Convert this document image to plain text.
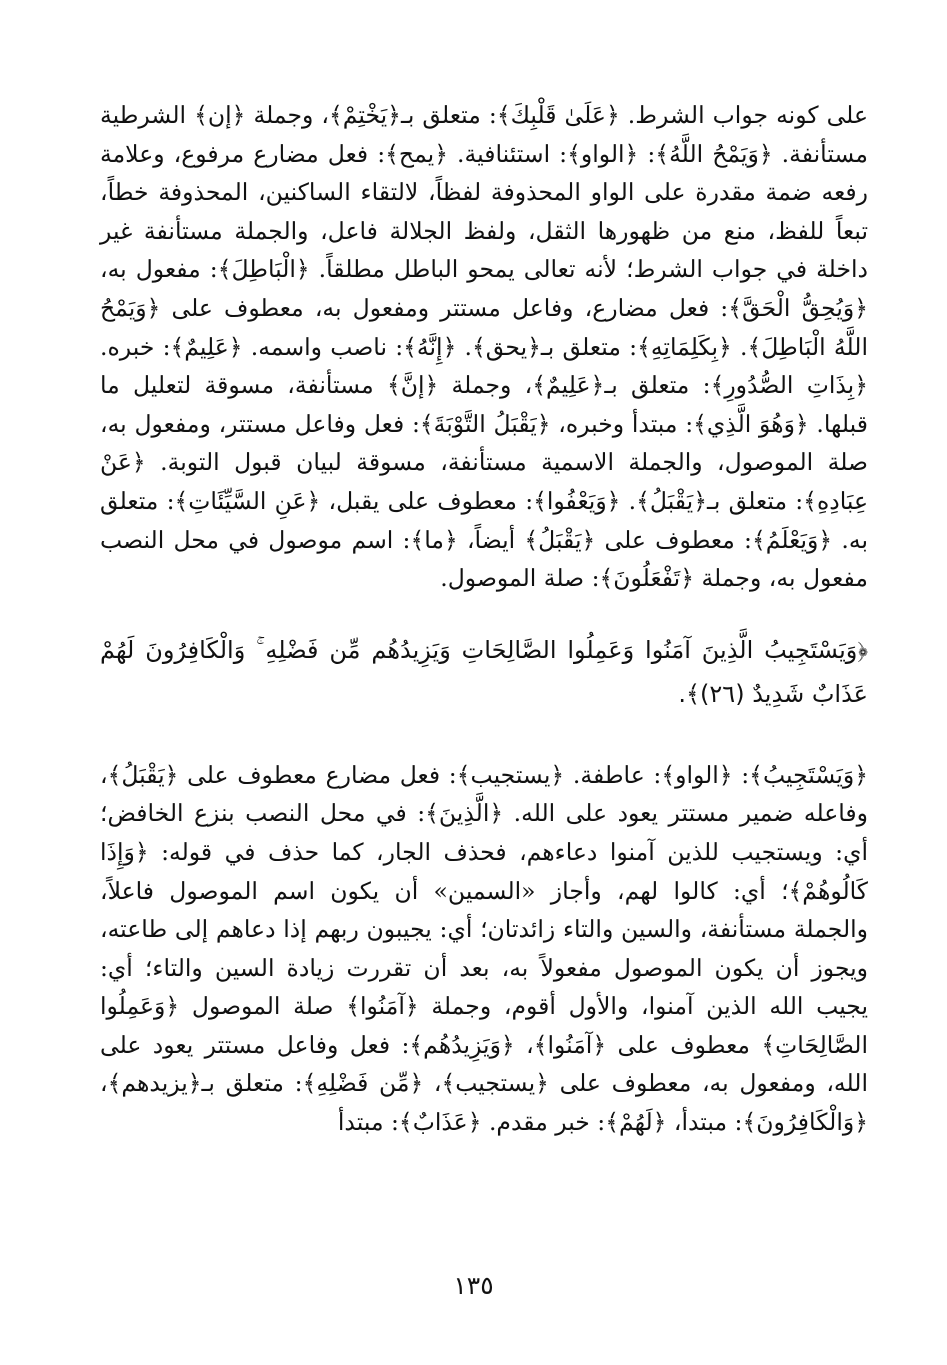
على كونه جواب الشرط. ﴿عَلَىٰ قَلْبِكَ﴾: متعلق بـ﴿يَخْتِمْ﴾، وجملة ﴿إن﴾ الشرطية مستأنفة. ﴿وَيَمْحُ اللَّهُ﴾: ﴿الواو﴾: استئنافية. ﴿يمح﴾: فعل مضارع مرفوع، وعلامة رفعه ضمة مقدرة على الواو المحذوفة لفظاً، لالتقاء الساكنين، المحذوفة خطاً، تبعاً للفظ، منع من ظهورها الثقل، ولفظ الجلالة فاعل، والجملة مستأنفة غير داخلة في جواب الشرط؛ لأنه تعالى يمحو الباطل مطلقاً. ﴿الْبَاطِلَ﴾: مفعول به، ﴿وَيُحِقُّ الْحَقَّ﴾: فعل مضارع، وفاعل مستتر ومفعول به، معطوف على ﴿وَيَمْحُ اللَّهُ الْبَاطِلَ﴾. ﴿بِكَلِمَاتِهِ﴾: متعلق بـ﴿يحق﴾. ﴿إِنَّهُ﴾: ناصب واسمه. ﴿عَلِيمٌ﴾: خبره. ﴿بِذَاتِ الصُّدُورِ﴾: متعلق بـ﴿عَلِيمٌ﴾، وجملة ﴿إنَّ﴾ مستأنفة، مسوقة لتعليل ما قبلها. ﴿وَهُوَ الَّذِي﴾: مبتدأ وخبره، ﴿يَقْبَلُ التَّوْبَةَ﴾: فعل وفاعل مستتر، ومفعول به، صلة الموصول، والجملة الاسمية مستأنفة، مسوقة لبيان قبول التوبة. ﴿عَنْ عِبَادِهِ﴾: متعلق بـ﴿يَقْبَلُ﴾. ﴿وَيَعْفُوا﴾: معطوف على يقبل، ﴿عَنِ السَّيِّئَاتِ﴾: متعلق به. ﴿وَيَعْلَمُ﴾: معطوف على ﴿يَقْبَلُ﴾ أيضاً، ﴿ما﴾: اسم موصول في محل النصب مفعول به، وجملة ﴿تَفْعَلُونَ﴾: صلة الموصول.

﴿وَيَسْتَجِيبُ الَّذِينَ آمَنُوا وَعَمِلُوا الصَّالِحَاتِ وَيَزِيدُهُم مِّن فَضْلِهِ ۚ وَالْكَافِرُونَ لَهُمْ عَذَابٌ شَدِيدٌ (٢٦)﴾.

﴿وَيَسْتَجِيبُ﴾: ﴿الواو﴾: عاطفة. ﴿يستجيب﴾: فعل مضارع معطوف على ﴿يَقْبَلُ﴾، وفاعله ضمير مستتر يعود على الله. ﴿الَّذِينَ﴾: في محل النصب بنزع الخافض؛ أي: ويستجيب للذين آمنوا دعاءهم، فحذف الجار، كما حذف في قوله: ﴿وَإِذَا كَالُوهُمْ﴾؛ أي: كالوا لهم، وأجاز «السمين» أن يكون اسم الموصول فاعلاً، والجملة مستأنفة، والسين والتاء زائدتان؛ أي: يجيبون ربهم إذا دعاهم إلى طاعته، ويجوز أن يكون الموصول مفعولاً به، بعد أن تقررت زيادة السين والتاء؛ أي: يجيب الله الذين آمنوا، والأول أقوم، وجملة ﴿آمَنُوا﴾ صلة الموصول ﴿وَعَمِلُوا الصَّالِحَاتِ﴾ معطوف على ﴿آمَنُوا﴾، ﴿وَيَزِيدُهُم﴾: فعل وفاعل مستتر يعود على الله، ومفعول به، معطوف على ﴿يستجيب﴾، ﴿مِّن فَضْلِهِ﴾: متعلق بـ﴿يزيدهم﴾، ﴿وَالْكَافِرُونَ﴾: مبتدأ، ﴿لَهُمْ﴾: خبر مقدم. ﴿عَذَابٌ﴾: مبتدأ

١٣٥
